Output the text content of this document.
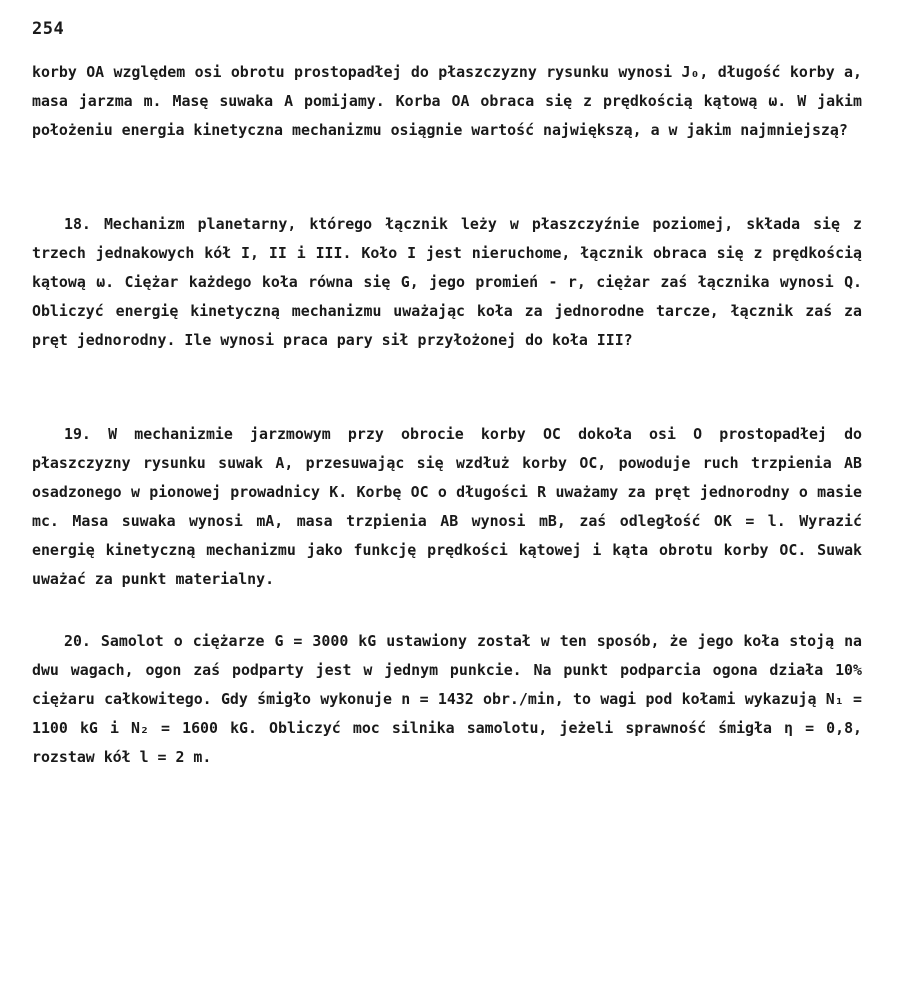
254
korby OA względem osi obrotu prostopadłej do płaszczyzny rysunku wynosi J₀, długość korby a, masa jarzma m. Masę suwaka A pomijamy. Korba OA obraca się z prędkością kątową ω. W jakim położeniu energia kinetyczna mechanizmu osiągnie wartość największą, a w jakim najmniejszą?
18. Mechanizm planetarny, którego łącznik leży w płaszczyźnie poziomej, składa się z trzech jednakowych kół I, II i III. Koło I jest nieruchome, łącznik obraca się z prędkością kątową ω. Ciężar każdego koła równa się G, jego promień - r, ciężar zaś łącznika wynosi Q. Obliczyć energię kinetyczną mechanizmu uważając koła za jednorodne tarcze, łącznik zaś za pręt jednorodny. Ile wynosi praca pary sił przyłożonej do koła III?
19. W mechanizmie jarzmowym przy obrocie korby OC dokoła osi O prostopadłej do płaszczyzny rysunku suwak A, przesuwając się wzdłuż korby OC, powoduje ruch trzpienia AB osadzonego w pionowej prowadnicy K. Korbę OC o długości R uważamy za pręt jednorodny o masie mc. Masa suwaka wynosi mA, masa trzpienia AB wynosi mB, zaś odległość OK = l. Wyrazić energię kinetyczną mechanizmu jako funkcję prędkości kątowej i kąta obrotu korby OC. Suwak uważać za punkt materialny.
20. Samolot o ciężarze G = 3000 kG ustawiony został w ten sposób, że jego koła stoją na dwu wagach, ogon zaś podparty jest w jednym punkcie. Na punkt podparcia ogona działa 10% ciężaru całkowitego. Gdy śmigło wykonuje n = 1432 obr./min, to wagi pod kołami wykazują N₁ = 1100 kG i N₂ = 1600 kG. Obliczyć moc silnika samolotu, jeżeli sprawność śmigła η = 0,8, rozstaw kół l = 2 m.
